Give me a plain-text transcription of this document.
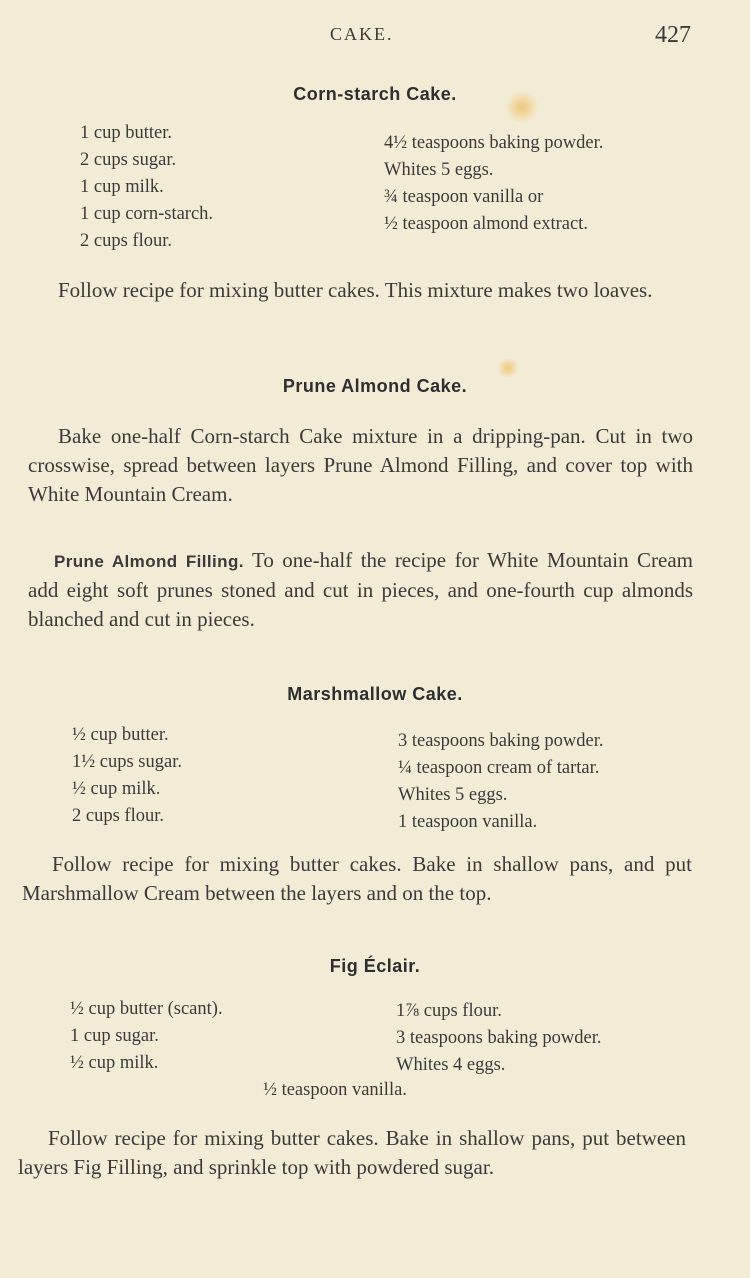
CAKE.	427
Corn-starch Cake.
1 cup butter.
2 cups sugar.
1 cup milk.
1 cup corn-starch.
2 cups flour.
4½ teaspoons baking powder.
Whites 5 eggs.
¾ teaspoon vanilla or
½ teaspoon almond extract.

Follow recipe for mixing butter cakes. This mixture makes two loaves.

Prune Almond Cake.

Bake one-half Corn-starch Cake mixture in a dripping-pan. Cut in two crosswise, spread between layers Prune Almond Filling, and cover top with White Mountain Cream.

Prune Almond Filling. To one-half the recipe for White Mountain Cream add eight soft prunes stoned and cut in pieces, and one-fourth cup almonds blanched and cut in pieces.

Marshmallow Cake.
½ cup butter.
1½ cups sugar.
½ cup milk.
2 cups flour.
3 teaspoons baking powder.
¼ teaspoon cream of tartar.
Whites 5 eggs.
1 teaspoon vanilla.

Follow recipe for mixing butter cakes. Bake in shallow pans, and put Marshmallow Cream between the layers and on the top.

Fig Éclair.
½ cup butter (scant).
1 cup sugar.
½ cup milk.
1⅞ cups flour.
3 teaspoons baking powder.
Whites 4 eggs.
½ teaspoon vanilla.

Follow recipe for mixing butter cakes. Bake in shallow pans, put between layers Fig Filling, and sprinkle top with powdered sugar.
